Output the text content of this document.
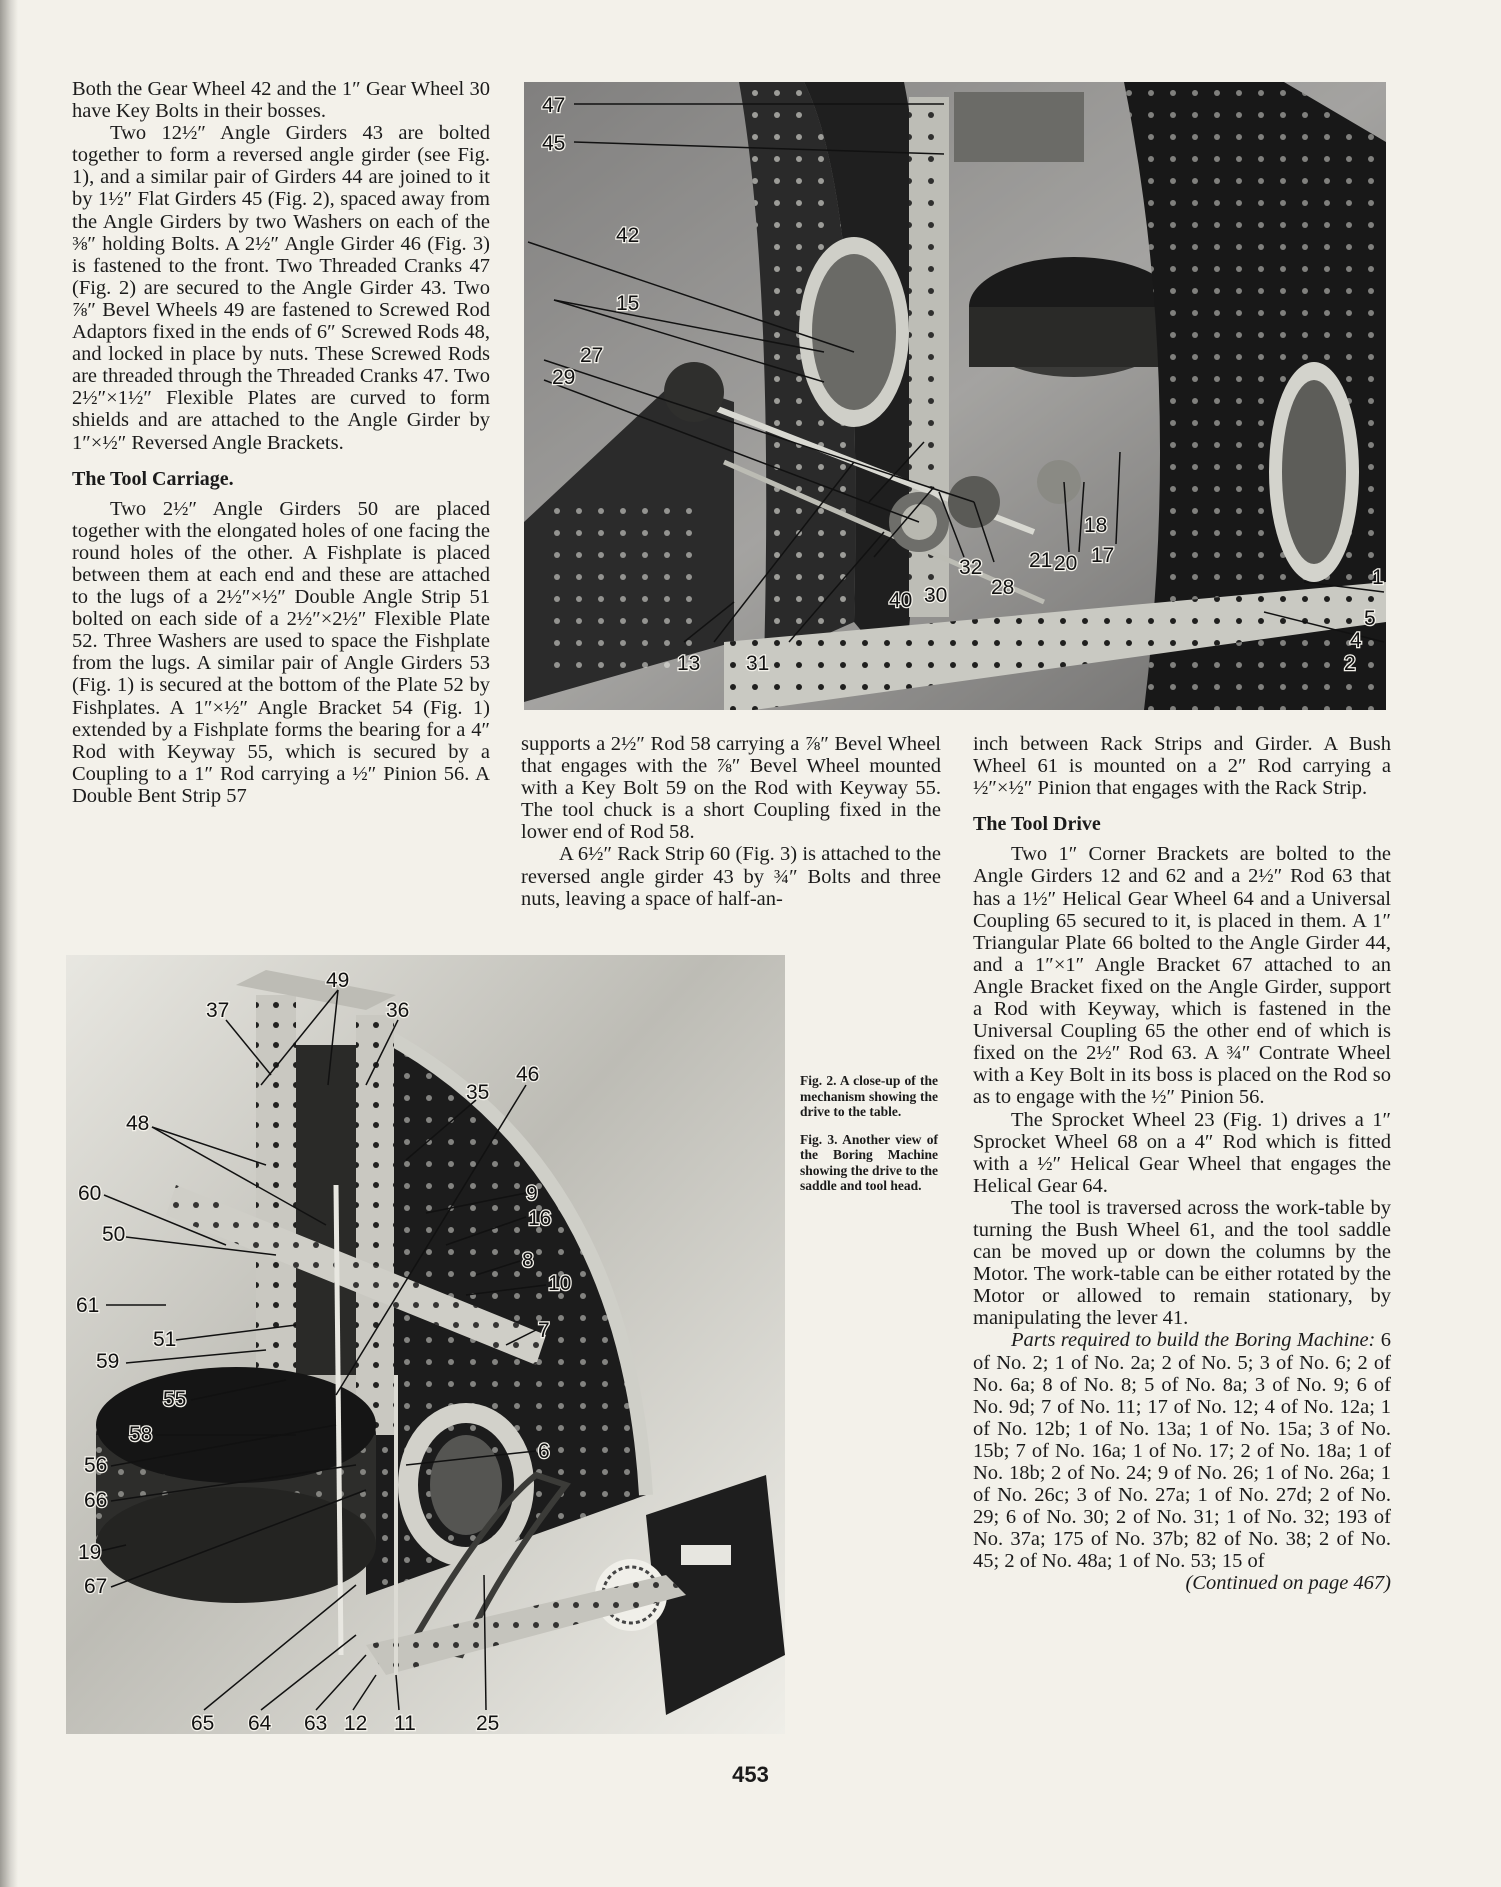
Both the Gear Wheel 42 and the 1″ Gear Wheel 30 have Key Bolts in their bosses.

Two 12½″ Angle Girders 43 are bolted together to form a reversed angle girder (see Fig. 1), and a similar pair of Girders 44 are joined to it by 1½″ Flat Girders 45 (Fig. 2), spaced away from the Angle Girders by two Washers on each of the ⅜″ holding Bolts. A 2½″ Angle Girder 46 (Fig. 3) is fastened to the front. Two Threaded Cranks 47 (Fig. 2) are secured to the Angle Girder 43. Two ⅞″ Bevel Wheels 49 are fastened to Screwed Rod Adaptors fixed in the ends of 6″ Screwed Rods 48, and locked in place by nuts. These Screwed Rods are threaded through the Threaded Cranks 47. Two 2½″×1½″ Flexible Plates are curved to form shields and are attached to the Angle Girder by 1″×½″ Reversed Angle Brackets.

The Tool Carriage.

Two 2½″ Angle Girders 50 are placed together with the elongated holes of one facing the round holes of the other. A Fishplate is placed between them at each end and these are attached to the lugs of a 2½″×½″ Double Angle Strip 51 bolted on each side of a 2½″×2½″ Flexible Plate 52. Three Washers are used to space the Fishplate from the lugs. A similar pair of Angle Girders 53 (Fig. 1) is secured at the bottom of the Plate 52 by Fishplates. A 1″×½″ Angle Bracket 54 (Fig. 1) extended by a Fishplate forms the bearing for a 4″ Rod with Keyway 55, which is secured by a Coupling to a 1″ Rod carrying a ½″ Pinion 56. A Double Bent Strip 57

47
45
42
15
27
29
18
21 20 17
32
28
40 30
13 31
1
5
4
2

supports a 2½″ Rod 58 carrying a ⅞″ Bevel Wheel that engages with the ⅞″ Bevel Wheel mounted with a Key Bolt 59 on the Rod with Keyway 55. The tool chuck is a short Coupling fixed in the lower end of Rod 58.

A 6½″ Rack Strip 60 (Fig. 3) is attached to the reversed angle girder 43 by ¾″ Bolts and three nuts, leaving a space of half-an-

inch between Rack Strips and Girder. A Bush Wheel 61 is mounted on a 2″ Rod carrying a ½″×½″ Pinion that engages with the Rack Strip.

The Tool Drive

Two 1″ Corner Brackets are bolted to the Angle Girders 12 and 62 and a 2½″ Rod 63 that has a 1½″ Helical Gear Wheel 64 and a Universal Coupling 65 secured to it, is placed in them. A 1″ Triangular Plate 66 bolted to the Angle Girder 44, and a 1″×1″ Angle Bracket 67 attached to an Angle Bracket fixed on the Angle Girder, support a Rod with Keyway, which is fastened in the Universal Coupling 65 the other end of which is fixed on the 2½″ Rod 63. A ¾″ Contrate Wheel with a Key Bolt in its boss is placed on the Rod so as to engage with the ½″ Pinion 56.

The Sprocket Wheel 23 (Fig. 1) drives a 1″ Sprocket Wheel 68 on a 4″ Rod which is fitted with a ½″ Helical Gear Wheel that engages the Helical Gear 64.

The tool is traversed across the work-table by turning the Bush Wheel 61, and the tool saddle can be moved up or down the columns by the Motor. The work-table can be either rotated by the Motor or allowed to remain stationary, by manipulating the lever 41.

Parts required to build the Boring Machine: 6 of No. 2; 1 of No. 2a; 2 of No. 5; 3 of No. 6; 2 of No. 6a; 8 of No. 8; 5 of No. 8a; 3 of No. 9; 6 of No. 9d; 7 of No. 11; 17 of No. 12; 4 of No. 12a; 1 of No. 12b; 1 of No. 13a; 1 of No. 15a; 3 of No. 15b; 7 of No. 16a; 1 of No. 17; 2 of No. 18a; 1 of No. 18b; 2 of No. 24; 9 of No. 26; 1 of No. 26a; 1 of No. 26c; 3 of No. 27a; 1 of No. 27d; 2 of No. 29; 6 of No. 30; 2 of No. 31; 1 of No. 32; 193 of No. 37a; 175 of No. 37b; 82 of No. 38; 2 of No. 45; 2 of No. 48a; 1 of No. 53; 15 of

(Continued on page 467)
49
37	36
48
35
46
60
50
9
16
8
10
61
51	7
59
55
58
56
6
66
19
67
65 64 63 12 11	25

Fig. 2. A close-up of the mechanism showing the drive to the table.

Fig. 3. Another view of the Boring Machine showing the drive to the saddle and tool head.

453
